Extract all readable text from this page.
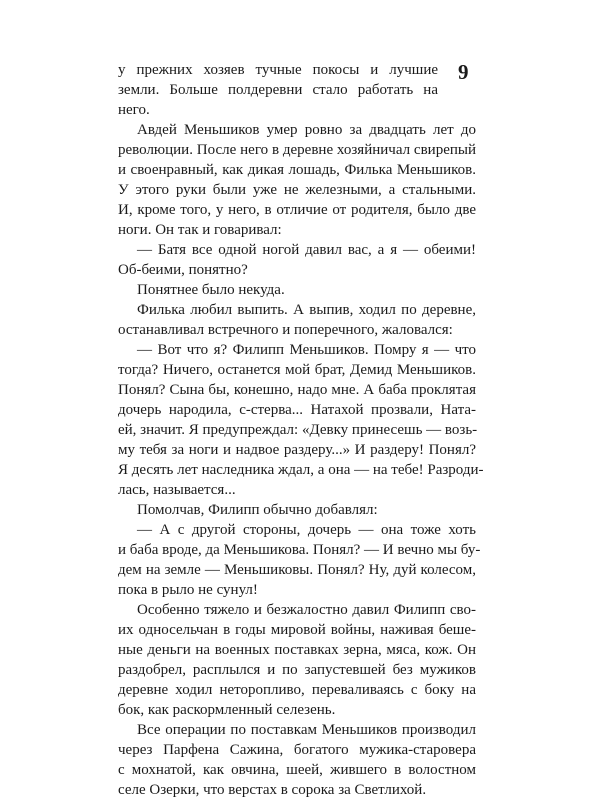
9
у прежних хозяев тучные покосы и лучшие
земли. Больше полдеревни стало работать на
него.
Авдей Меньшиков умер ровно за двадцать лет до
революции. После него в деревне хозяйничал свирепый
и своенравный, как дикая лошадь, Филька Меньшиков.
У этого руки были уже не железными, а стальными.
И, кроме того, у него, в отличие от родителя, было две
ноги. Он так и говаривал:
— Батя все одной ногой давил вас, а я — обеими!
Об-беими, понятно?
Понятнее было некуда.
Филька любил выпить. А выпив, ходил по деревне,
останавливал встречного и поперечного, жаловался:
— Вот что я? Филипп Меньшиков. Помру я — что
тогда? Ничего, останется мой брат, Демид Меньшиков.
Понял? Сына бы, конешно, надо мне. А баба проклятая
дочерь народила, с-стерва... Натахой прозвали, Ната-
ей, значит. Я предупреждал: «Девку принесешь — возь-
му тебя за ноги и надвое раздеру...» И раздеру! Понял?
Я десять лет наследника ждал, а она — на тебе! Разроди-
лась, называется...
Помолчав, Филипп обычно добавлял:
— А с другой стороны, дочерь — она тоже хоть
и баба вроде, да Меньшикова. Понял? — И вечно мы бу-
дем на земле — Меньшиковы. Понял? Ну, дуй колесом,
пока в рыло не сунул!
Особенно тяжело и безжалостно давил Филипп сво-
их односельчан в годы мировой войны, наживая беше-
ные деньги на военных поставках зерна, мяса, кож. Он
раздобрел, расплылся и по запустевшей без мужиков
деревне ходил неторопливо, переваливаясь с боку на
бок, как раскормленный селезень.
Все операции по поставкам Меньшиков производил
через Парфена Сажина, богатого мужика-старовера
с мохнатой, как овчина, шеей, жившего в волостном
селе Озерки, что верстах в сорока за Светлихой.
